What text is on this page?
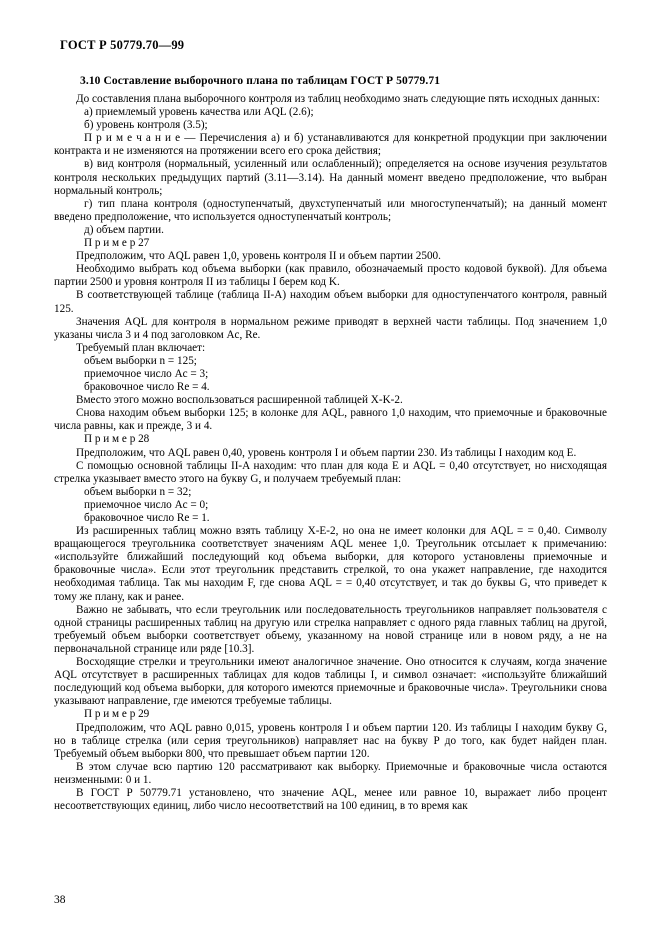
ГОСТ Р 50779.70—99
3.10 Составление выборочного плана по таблицам ГОСТ Р 50779.71

До составления плана выборочного контроля из таблиц необходимо знать следующие пять исходных данных:

а) приемлемый уровень качества или AQL (2.6);

б) уровень контроля (3.5);

П р и м е ч а н и е — Перечисления а) и б) устанавливаются для конкретной продукции при заключении контракта и не изменяются на протяжении всего его срока действия;

в) вид контроля (нормальный, усиленный или ослабленный); определяется на основе изучения результатов контроля нескольких предыдущих партий (3.11—3.14). На данный момент введено предположение, что выбран нормальный контроль;

г) тип плана контроля (одноступенчатый, двухступенчатый или многоступенчатый); на данный момент введено предположение, что используется одноступенчатый контроль;

д) объем партии.

П р и м е р 27

Предположим, что AQL равен 1,0, уровень контроля II и объем партии 2500.

Необходимо выбрать код объема выборки (как правило, обозначаемый просто кодовой буквой). Для объема партии 2500 и уровня контроля II из таблицы I берем код K.

В соответствующей таблице (таблица II-A) находим объем выборки для одноступенчатого контроля, равный 125.

Значения AQL для контроля в нормальном режиме приводят в верхней части таблицы. Под значением 1,0 указаны числа 3 и 4 под заголовком Ac, Re.

Требуемый план включает:

объем выборки n = 125;

приемочное число Ac = 3;

браковочное число Re = 4.

Вместо этого можно воспользоваться расширенной таблицей X-K-2.

Снова находим объем выборки 125; в колонке для AQL, равного 1,0 находим, что приемочные и браковочные числа равны, как и прежде, 3 и 4.

П р и м е р 28

Предположим, что AQL равен 0,40, уровень контроля I и объем партии 230. Из таблицы I находим код E.

С помощью основной таблицы II-A находим: что план для кода E и AQL = 0,40 отсутствует, но нисходящая стрелка указывает вместо этого на букву G, и получаем требуемый план:

объем выборки n = 32;

приемочное число Ac = 0;

браковочное число Re = 1.

Из расширенных таблиц можно взять таблицу X-E-2, но она не имеет колонки для AQL = = 0,40. Символу вращающегося треугольника соответствует значениям AQL менее 1,0. Треугольник отсылает к примечанию: «используйте ближайший последующий код объема выборки, для которого установлены приемочные и браковочные числа». Если этот треугольник представить стрелкой, то она укажет направление, где находится необходимая таблица. Так мы находим F, где снова AQL = = 0,40 отсутствует, и так до буквы G, что приведет к тому же плану, как и ранее.

Важно не забывать, что если треугольник или последовательность треугольников направляет пользователя с одной страницы расширенных таблиц на другую или стрелка направляет с одного ряда главных таблиц на другой, требуемый объем выборки соответствует объему, указанному на новой странице или в новом ряду, а не на первоначальной странице или ряде [10.3].

Восходящие стрелки и треугольники имеют аналогичное значение. Оно относится к случаям, когда значение AQL отсутствует в расширенных таблицах для кодов таблицы I, и символ означает: «используйте ближайший последующий код объема выборки, для которого имеются приемочные и браковочные числа». Треугольники снова указывают направление, где имеются требуемые таблицы.

П р и м е р 29

Предположим, что AQL равно 0,015, уровень контроля I и объем партии 120. Из таблицы I находим букву G, но в таблице стрелка (или серия треугольников) направляет нас на букву P до того, как будет найден план. Требуемый объем выборки 800, что превышает объем партии 120.

В этом случае всю партию 120 рассматривают как выборку. Приемочные и браковочные числа остаются неизменными: 0 и 1.

В ГОСТ Р 50779.71 установлено, что значение AQL, менее или равное 10, выражает либо процент несоответствующих единиц, либо число несоответствий на 100 единиц, в то время как

38
